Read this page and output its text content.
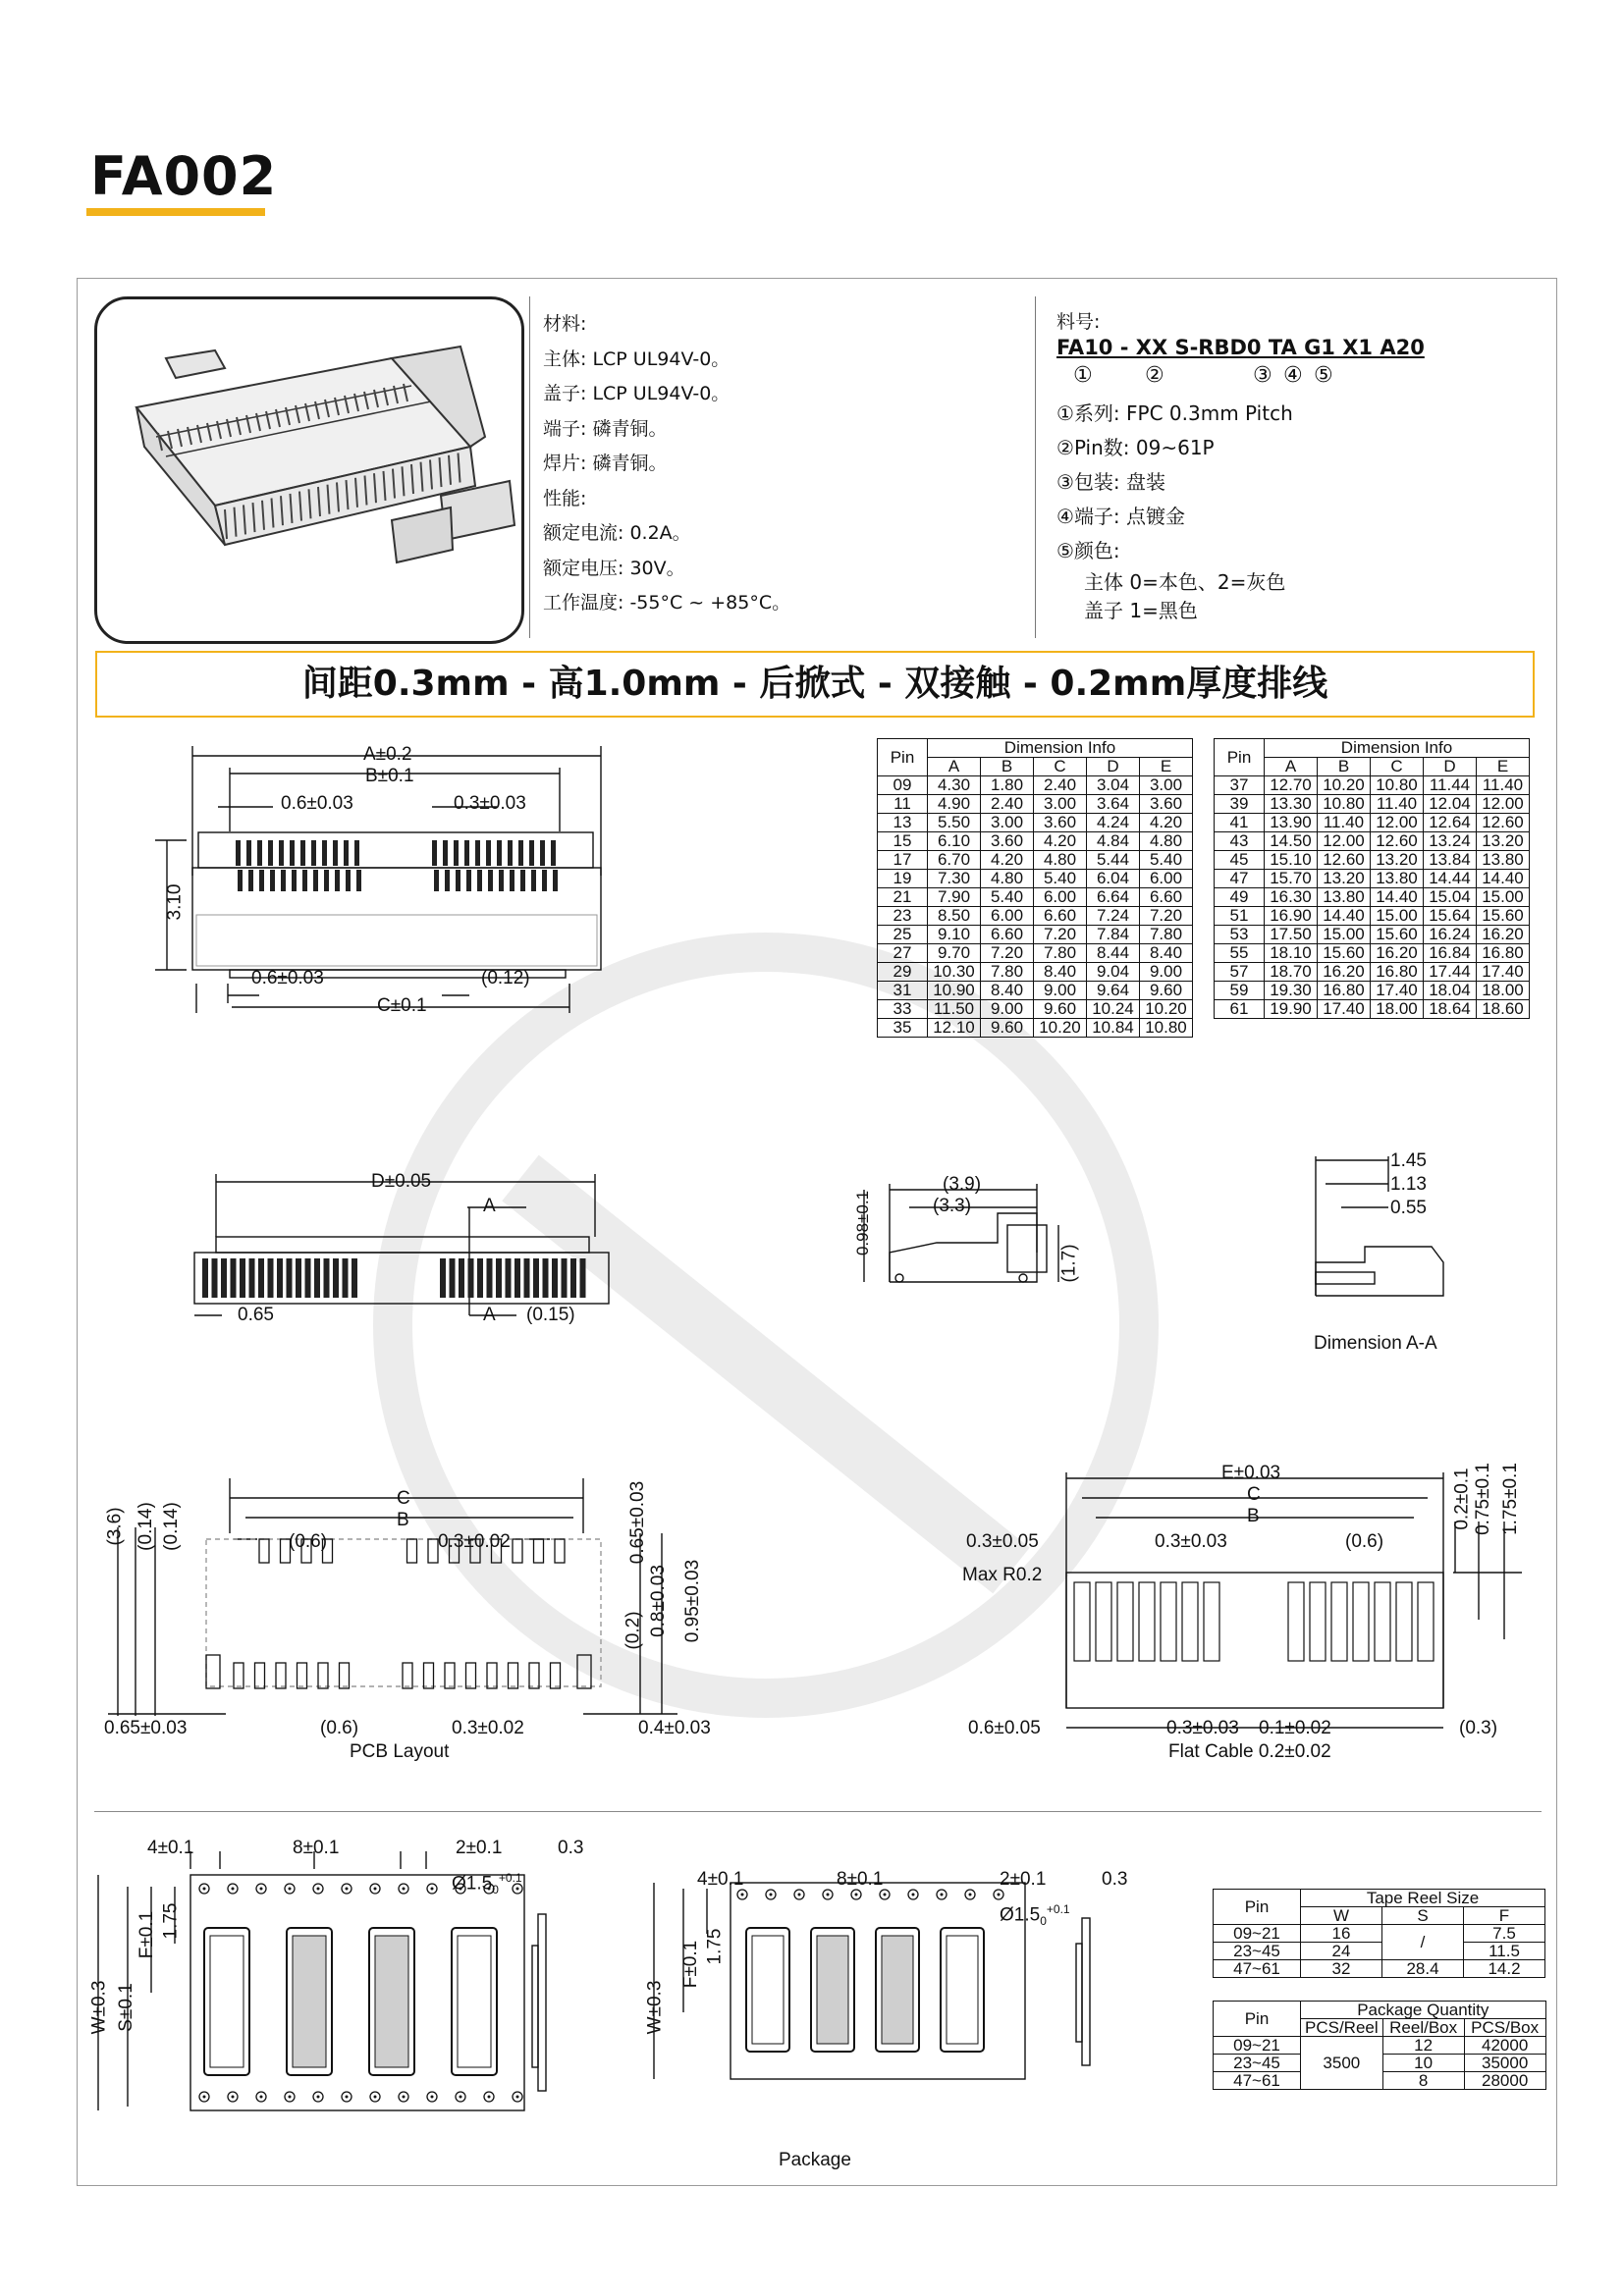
FA002
材料:
主体: LCP UL94V-0。
盖子: LCP UL94V-0。
端子: 磷青铜。
焊片: 磷青铜。
性能:
额定电流: 0.2A。
额定电压: 30V。
工作温度: -55°C ~ +85°C。
料号:
FA10 - XX S-RBD0 TA G1 X1 A20
① ②	③ ④ ⑤
①系列: FPC 0.3mm Pitch
②Pin数: 09~61P
③包装: 盘装
④端子: 点镀金
⑤颜色:
主体 0=本色、2=灰色
盖子 1=黑色
间距0.3mm - 高1.0mm - 后掀式 - 双接触 - 0.2mm厚度排线
A±0.2
B±0.1
0.6±0.03	0.3±0.03
3.10
0.6±0.03	(0.12)
C±0.1
Pin	Dimension Info				
	A	B	C	D	E
09	4.30	1.80	2.40	3.04	3.00
11	4.90	2.40	3.00	3.64	3.60
13	5.50	3.00	3.60	4.24	4.20
15	6.10	3.60	4.20	4.84	4.80
17	6.70	4.20	4.80	5.44	5.40
19	7.30	4.80	5.40	6.04	6.00
21	7.90	5.40	6.00	6.64	6.60
23	8.50	6.00	6.60	7.24	7.20
25	9.10	6.60	7.20	7.84	7.80
27	9.70	7.20	7.80	8.44	8.40
29	10.30	7.80	8.40	9.04	9.00
31	10.90	8.40	9.00	9.64	9.60
33	11.50	9.00	9.60	10.24	10.20
35	12.10	9.60	10.20	10.84	10.80
Pin	Dimension Info				
	A	B	C	D	E
37	12.70	10.20	10.80	11.44	11.40
39	13.30	10.80	11.40	12.04	12.00
41	13.90	11.40	12.00	12.64	12.60
43	14.50	12.00	12.60	13.24	13.20
45	15.10	12.60	13.20	13.84	13.80
47	15.70	13.20	13.80	14.44	14.40
49	16.30	13.80	14.40	15.04	15.00
51	16.90	14.40	15.00	15.64	15.60
53	17.50	15.00	15.60	16.24	16.20
55	18.10	15.60	16.20	16.84	16.80
57	18.70	16.20	16.80	17.44	17.40
59	19.30	16.80	17.40	18.04	18.00
61	19.90	17.40	18.00	18.64	18.60
D±0.05
A
0.65	A (0.15)
0.98±0.1
(3.9)
(3.3)
(1.7)
1.45
1.13
0.55
Dimension A-A
C
B
(0.6)	0.3±0.02
(3.6) (0.14) (0.14)	0.65±0.03
(0.2) 0.8±0.03 0.95±0.03
0.65±0.03	(0.6)	0.3±0.02	0.4±0.03
PCB Layout
E±0.03
C
B
0.3±0.05	0.3±0.03	(0.6)
Max R0.2
0.2±0.1 0.75±0.1 1.75±0.1
0.6±0.05	0.3±0.03 0.1±0.02	(0.3)
Flat Cable 0.2±0.02
4±0.1	8±0.1	2±0.1	0.3
$Ø1.5_0^{+0.1}$
F±0.1 1.75
W±0.3 S±0.1
4±0.1	8±0.1	2±0.1	0.3
$Ø1.5_0^{+0.1}$
F±0.1 1.75
W±0.3
Package
Pin	Tape Reel Size		
	W	S	F
09~21	16	/	7.5
23~45	24		11.5
47~61	32	28.4	14.2
Pin	Package Quantity		
	PCS/Reel	Reel/Box	PCS/Box
09~21	3500	12	42000
23~45		10	35000
47~61		8	28000
